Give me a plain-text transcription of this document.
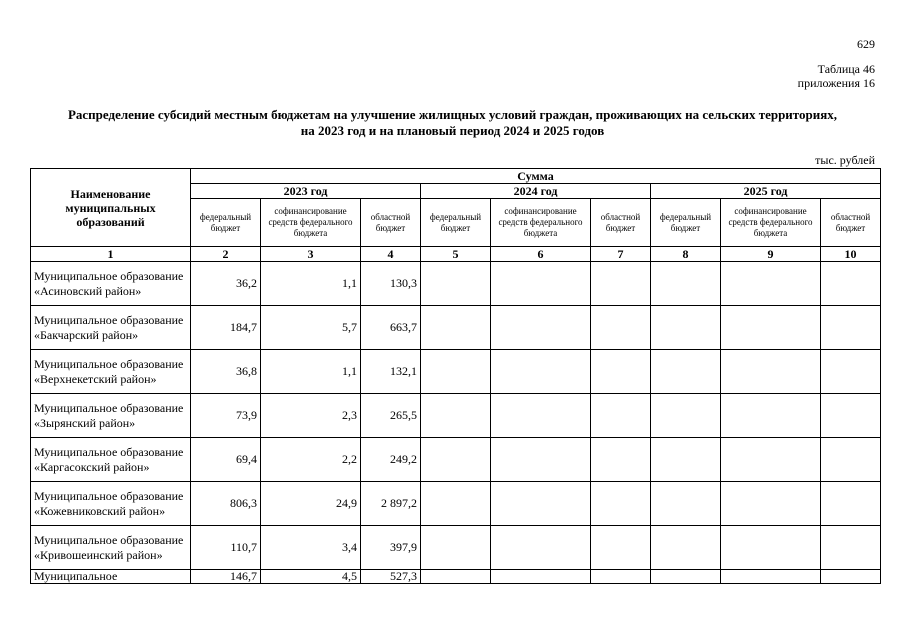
629
Таблица 46
приложения 16
Распределение субсидий местным бюджетам на улучшение жилищных условий граждан, проживающих на сельских территориях,
на 2023 год и на плановый период 2024 и 2025 годов
тыс. рублей
Наименование муниципальных образований	Сумма								
	2023 год			2024 год			2025 год		
	федеральный бюджет	софинансирование средств федерального бюджета	областной бюджет	федеральный бюджет	софинансирование средств федерального бюджета	областной бюджет	федеральный бюджет	софинансирование средств федерального бюджета	областной бюджет
1	2	3	4	5	6	7	8	9	10
Муниципальное образование «Асиновский район»	36,2	1,1	130,3						
Муниципальное образование «Бакчарский район»	184,7	5,7	663,7						
Муниципальное образование «Верхнекетский район»	36,8	1,1	132,1						
Муниципальное образование «Зырянский район»	73,9	2,3	265,5						
Муниципальное образование «Каргасокский район»	69,4	2,2	249,2						
Муниципальное образование «Кожевниковский район»	806,3	24,9	2 897,2						
Муниципальное образование «Кривошеинский район»	110,7	3,4	397,9						
Муниципальное	146,7	4,5	527,3						
